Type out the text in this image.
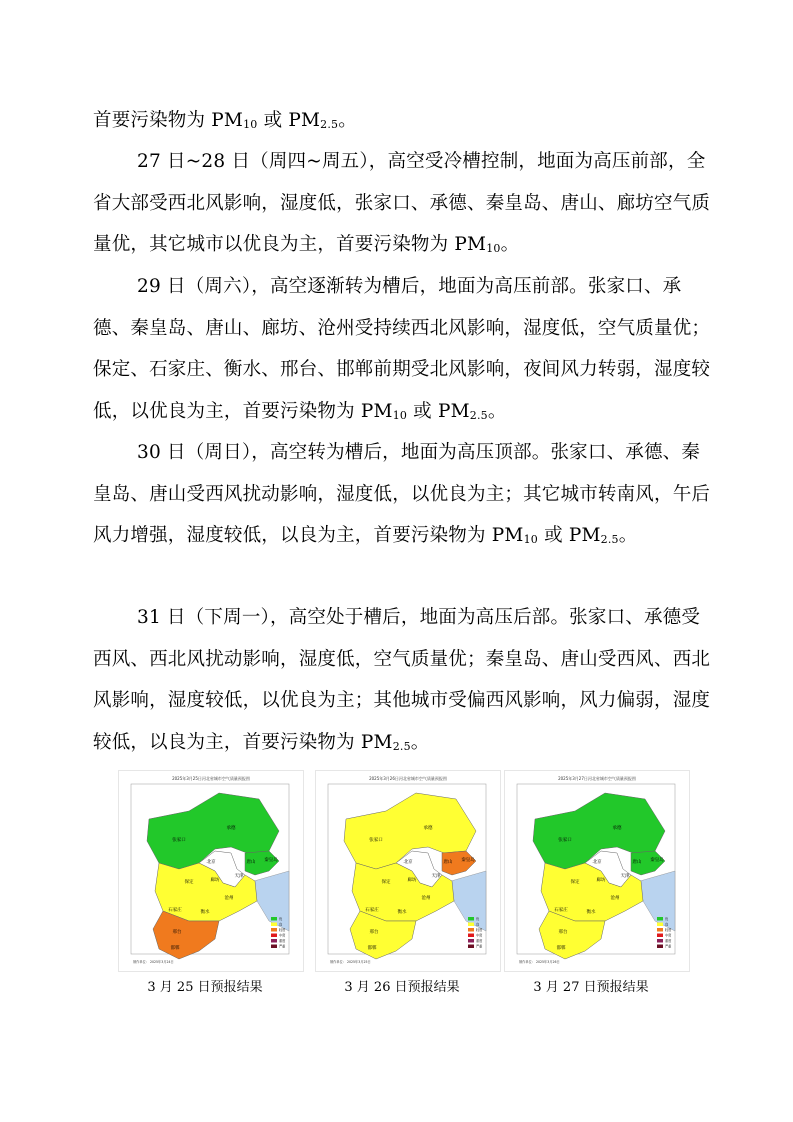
首要污染物为 $PM_{10}$ 或 $PM_{2.5}$。
27 日~28 日（周四~周五），高空受冷槽控制，地面为高压前部，全省大部受西北风影响，湿度低，张家口、承德、秦皇岛、唐山、廊坊空气质量优，其它城市以优良为主，首要污染物为 $PM_{10}$。
29 日（周六），高空逐渐转为槽后，地面为高压前部。张家口、承德、秦皇岛、唐山、廊坊、沧州受持续西北风影响，湿度低，空气质量优；保定、石家庄、衡水、邢台、邯郸前期受北风影响，夜间风力转弱，湿度较低，以优良为主，首要污染物为 $PM_{10}$ 或 $PM_{2.5}$。
30 日（周日），高空转为槽后，地面为高压顶部。张家口、承德、秦皇岛、唐山受西风扰动影响，湿度低，以优良为主；其它城市转南风，午后风力增强，湿度较低，以良为主，首要污染物为 $PM_{10}$ 或 $PM_{2.5}$。
31 日（下周一），高空处于槽后，地面为高压后部。张家口、承德受西风、西北风扰动影响，湿度低，空气质量优；秦皇岛、唐山受西风、西北风影响，湿度较低，以优良为主；其他城市受偏西风影响，风力偏弱，湿度较低，以良为主，首要污染物为 $PM_{2.5}$。
2025年3月25日河北省城市空气质量预报图
张家口
承德
北京
天津
唐山 秦皇岛
保定	廊坊
沧州
石家庄	衡水
邢台
邯郸
优
良
轻度
中度
重度
严重
制作单位： 2025年3月24日
2025年3月26日河北省城市空气质量预报图
张家口
承德
北京
天津
唐山 秦皇岛
保定	廊坊
沧州
石家庄	衡水
邢台
邯郸
优
良
轻度
中度
重度
严重
制作单位： 2025年3月25日
2025年3月27日河北省城市空气质量预报图
张家口
承德
北京
天津
唐山 秦皇岛
保定	廊坊
沧州
石家庄	衡水
邢台
邯郸
优
良
轻度
中度
重度
严重
制作单位： 2025年3月26日
3 月 25 日预报结果	3 月 26 日预报结果	3 月 27 日预报结果
